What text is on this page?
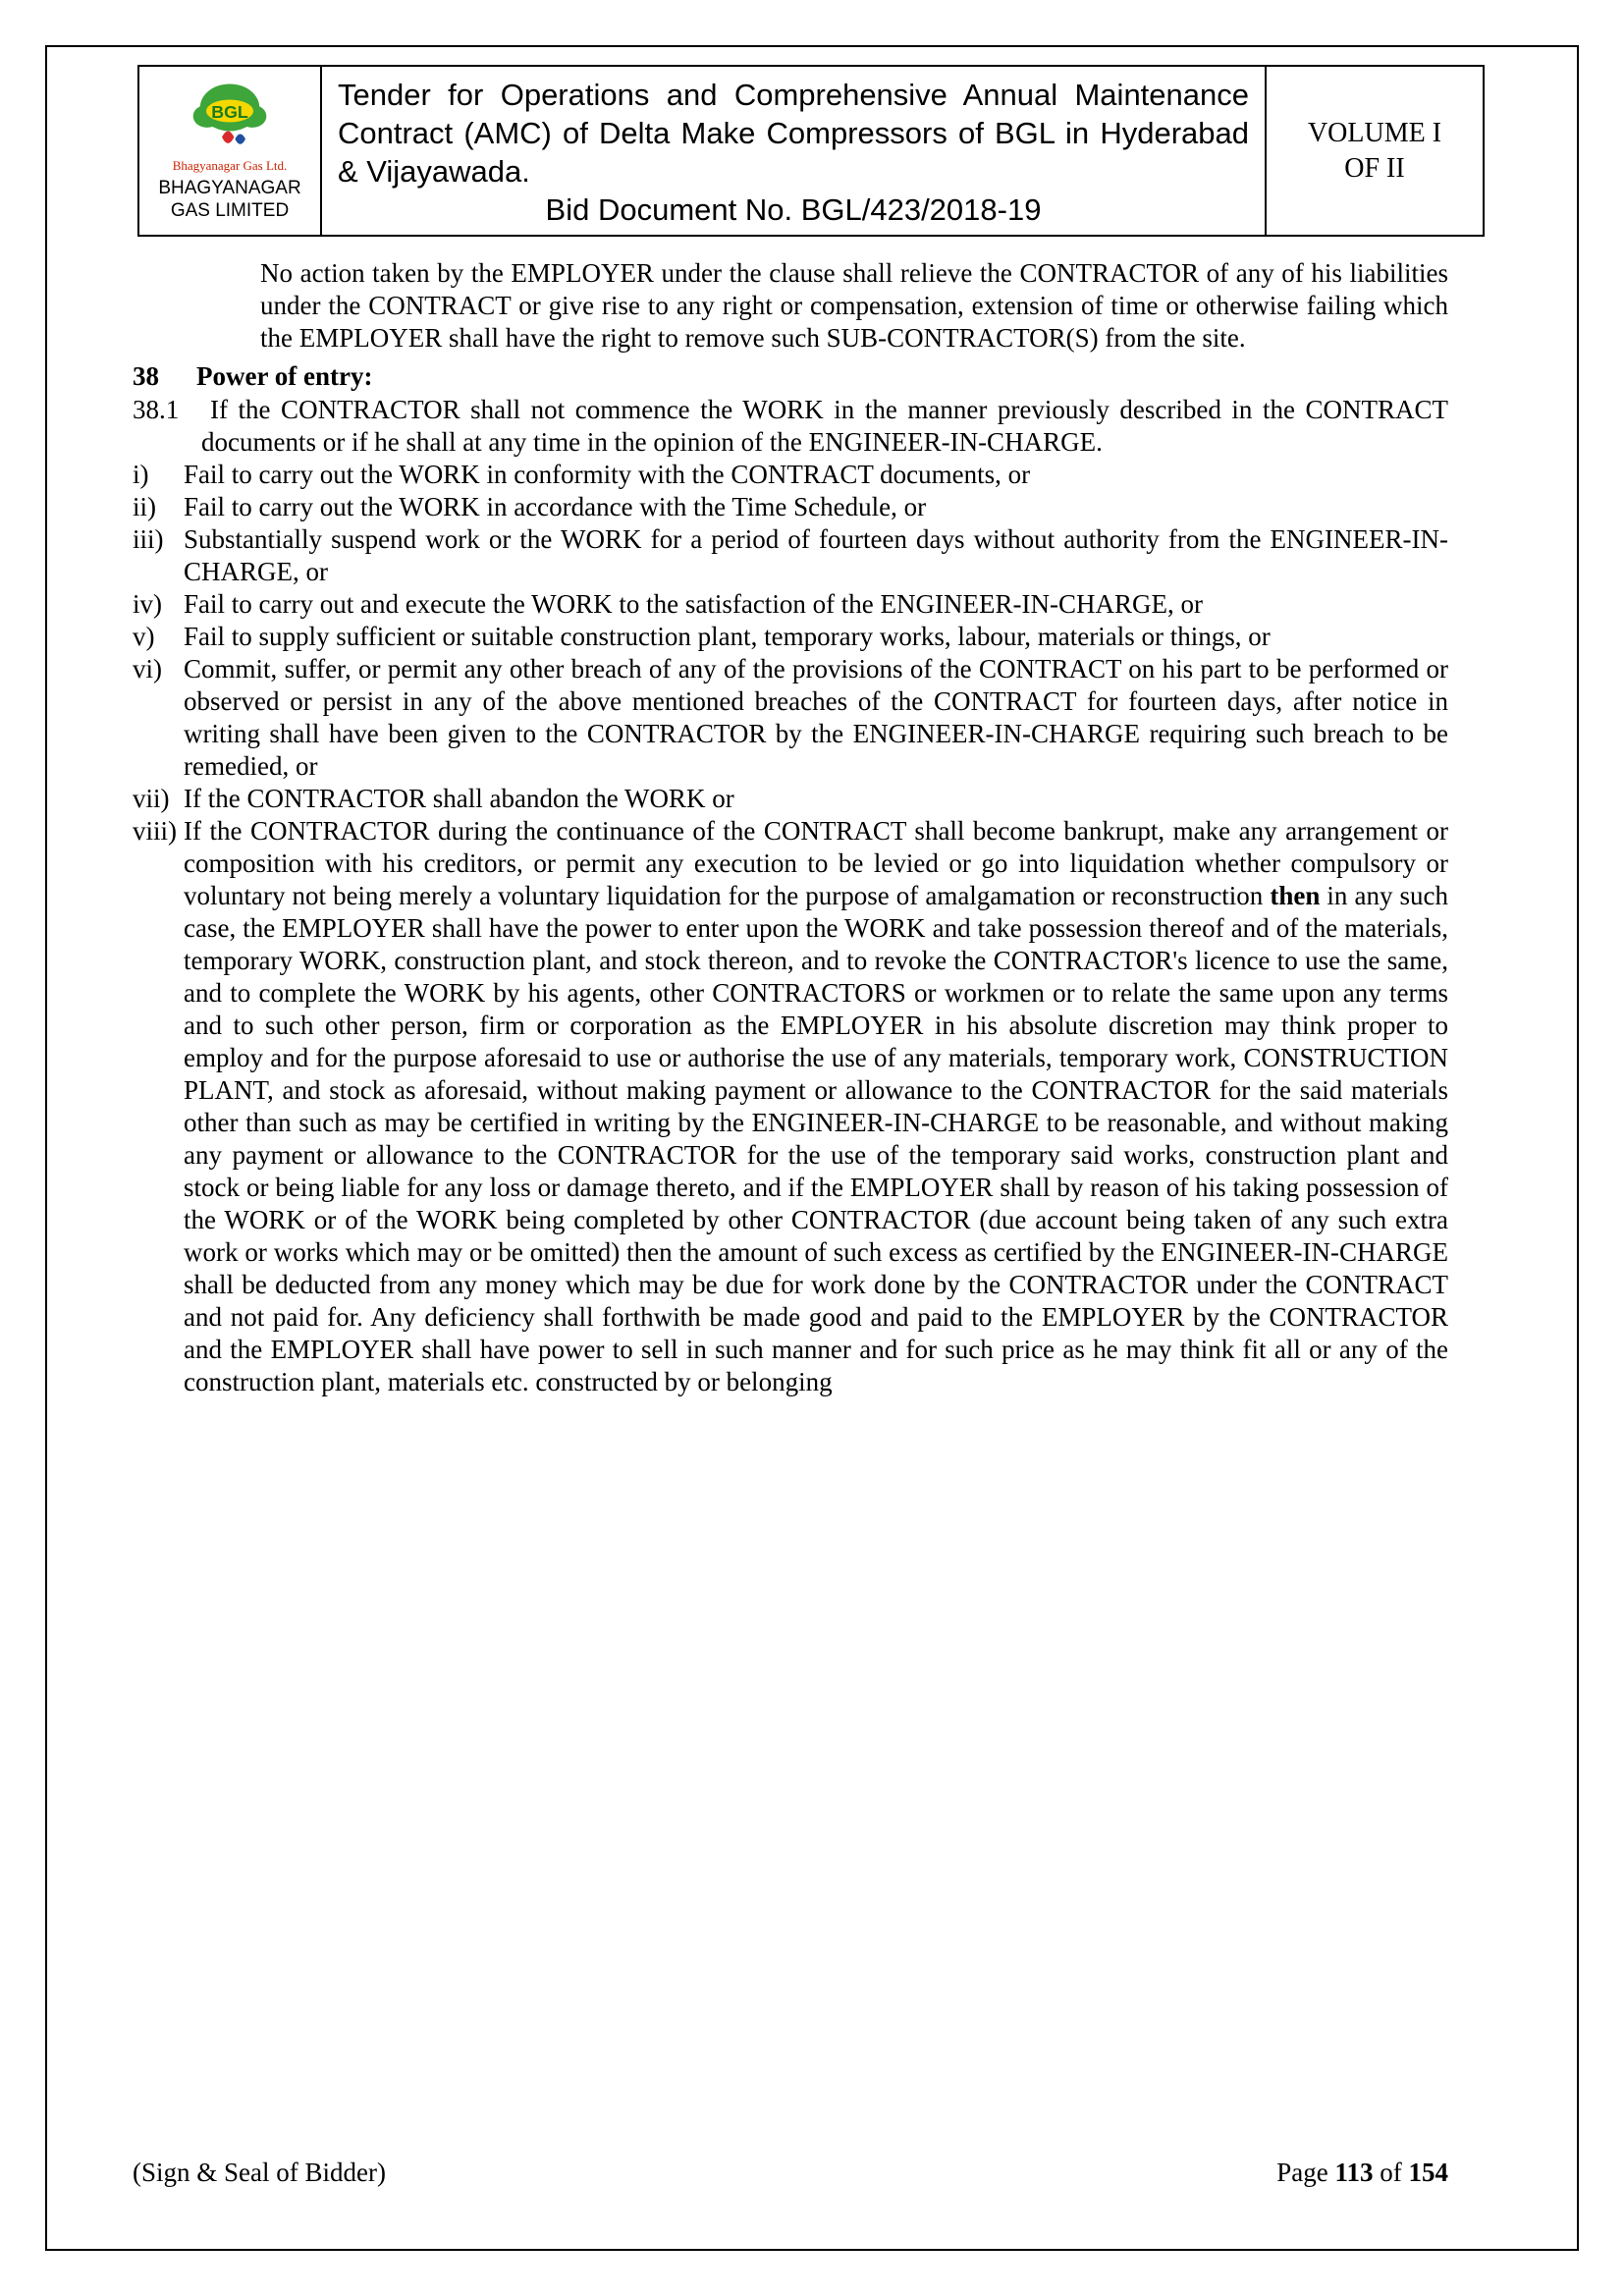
BGL
Bhagyanagar Gas Ltd.
BHAGYANAGAR GAS LIMITED
Tender for Operations and Comprehensive Annual Maintenance Contract (AMC) of Delta Make Compressors of BGL in Hyderabad & Vijayawada.
Bid Document No. BGL/423/2018-19
VOLUME I
OF II

No action taken by the EMPLOYER under the clause shall relieve the CONTRACTOR of any of his liabilities under the CONTRACT or give rise to any right or compensation, extension of time or otherwise failing which the EMPLOYER shall have the right to remove such SUB-CONTRACTOR(S) from the site.

38	Power of entry:
38.1	If the CONTRACTOR shall not commence the WORK in the manner previously described in the CONTRACT documents or if he shall at any time in the opinion of the ENGINEER-IN-CHARGE.
i)	Fail to carry out the WORK in conformity with the CONTRACT documents, or
ii)	Fail to carry out the WORK in accordance with the Time Schedule, or
iii) Substantially suspend work or the WORK for a period of fourteen days without authority from the ENGINEER-IN-CHARGE, or
iv) Fail to carry out and execute the WORK to the satisfaction of the ENGINEER-IN-CHARGE, or
v)	Fail to supply sufficient or suitable construction plant, temporary works, labour, materials or things, or
vi) Commit, suffer, or permit any other breach of any of the provisions of the CONTRACT on his part to be performed or observed or persist in any of the above mentioned breaches of the CONTRACT for fourteen days, after notice in writing shall have been given to the CONTRACTOR by the ENGINEER-IN-CHARGE requiring such breach to be remedied, or
vii) If the CONTRACTOR shall abandon the WORK or
viii) If the CONTRACTOR during the continuance of the CONTRACT shall become bankrupt, make any arrangement or composition with his creditors, or permit any execution to be levied or go into liquidation whether compulsory or voluntary not being merely a voluntary liquidation for the purpose of amalgamation or reconstruction then in any such case, the EMPLOYER shall have the power to enter upon the WORK and take possession thereof and of the materials, temporary WORK, construction plant, and stock thereon, and to revoke the CONTRACTOR's licence to use the same, and to complete the WORK by his agents, other CONTRACTORS or workmen or to relate the same upon any terms and to such other person, firm or corporation as the EMPLOYER in his absolute discretion may think proper to employ and for the purpose aforesaid to use or authorise the use of any materials, temporary work, CONSTRUCTION PLANT, and stock as aforesaid, without making payment or allowance to the CONTRACTOR for the said materials other than such as may be certified in writing by the ENGINEER-IN-CHARGE to be reasonable, and without making any payment or allowance to the CONTRACTOR for the use of the temporary said works, construction plant and stock or being liable for any loss or damage thereto, and if the EMPLOYER shall by reason of his taking possession of the WORK or of the WORK being completed by other CONTRACTOR (due account being taken of any such extra work or works which may or be omitted) then the amount of such excess as certified by the ENGINEER-IN-CHARGE shall be deducted from any money which may be due for work done by the CONTRACTOR under the CONTRACT and not paid for. Any deficiency shall forthwith be made good and paid to the EMPLOYER by the CONTRACTOR and the EMPLOYER shall have power to sell in such manner and for such price as he may think fit all or any of the construction plant, materials etc. constructed by or belonging
(Sign & Seal of Bidder)	Page 113 of 154
